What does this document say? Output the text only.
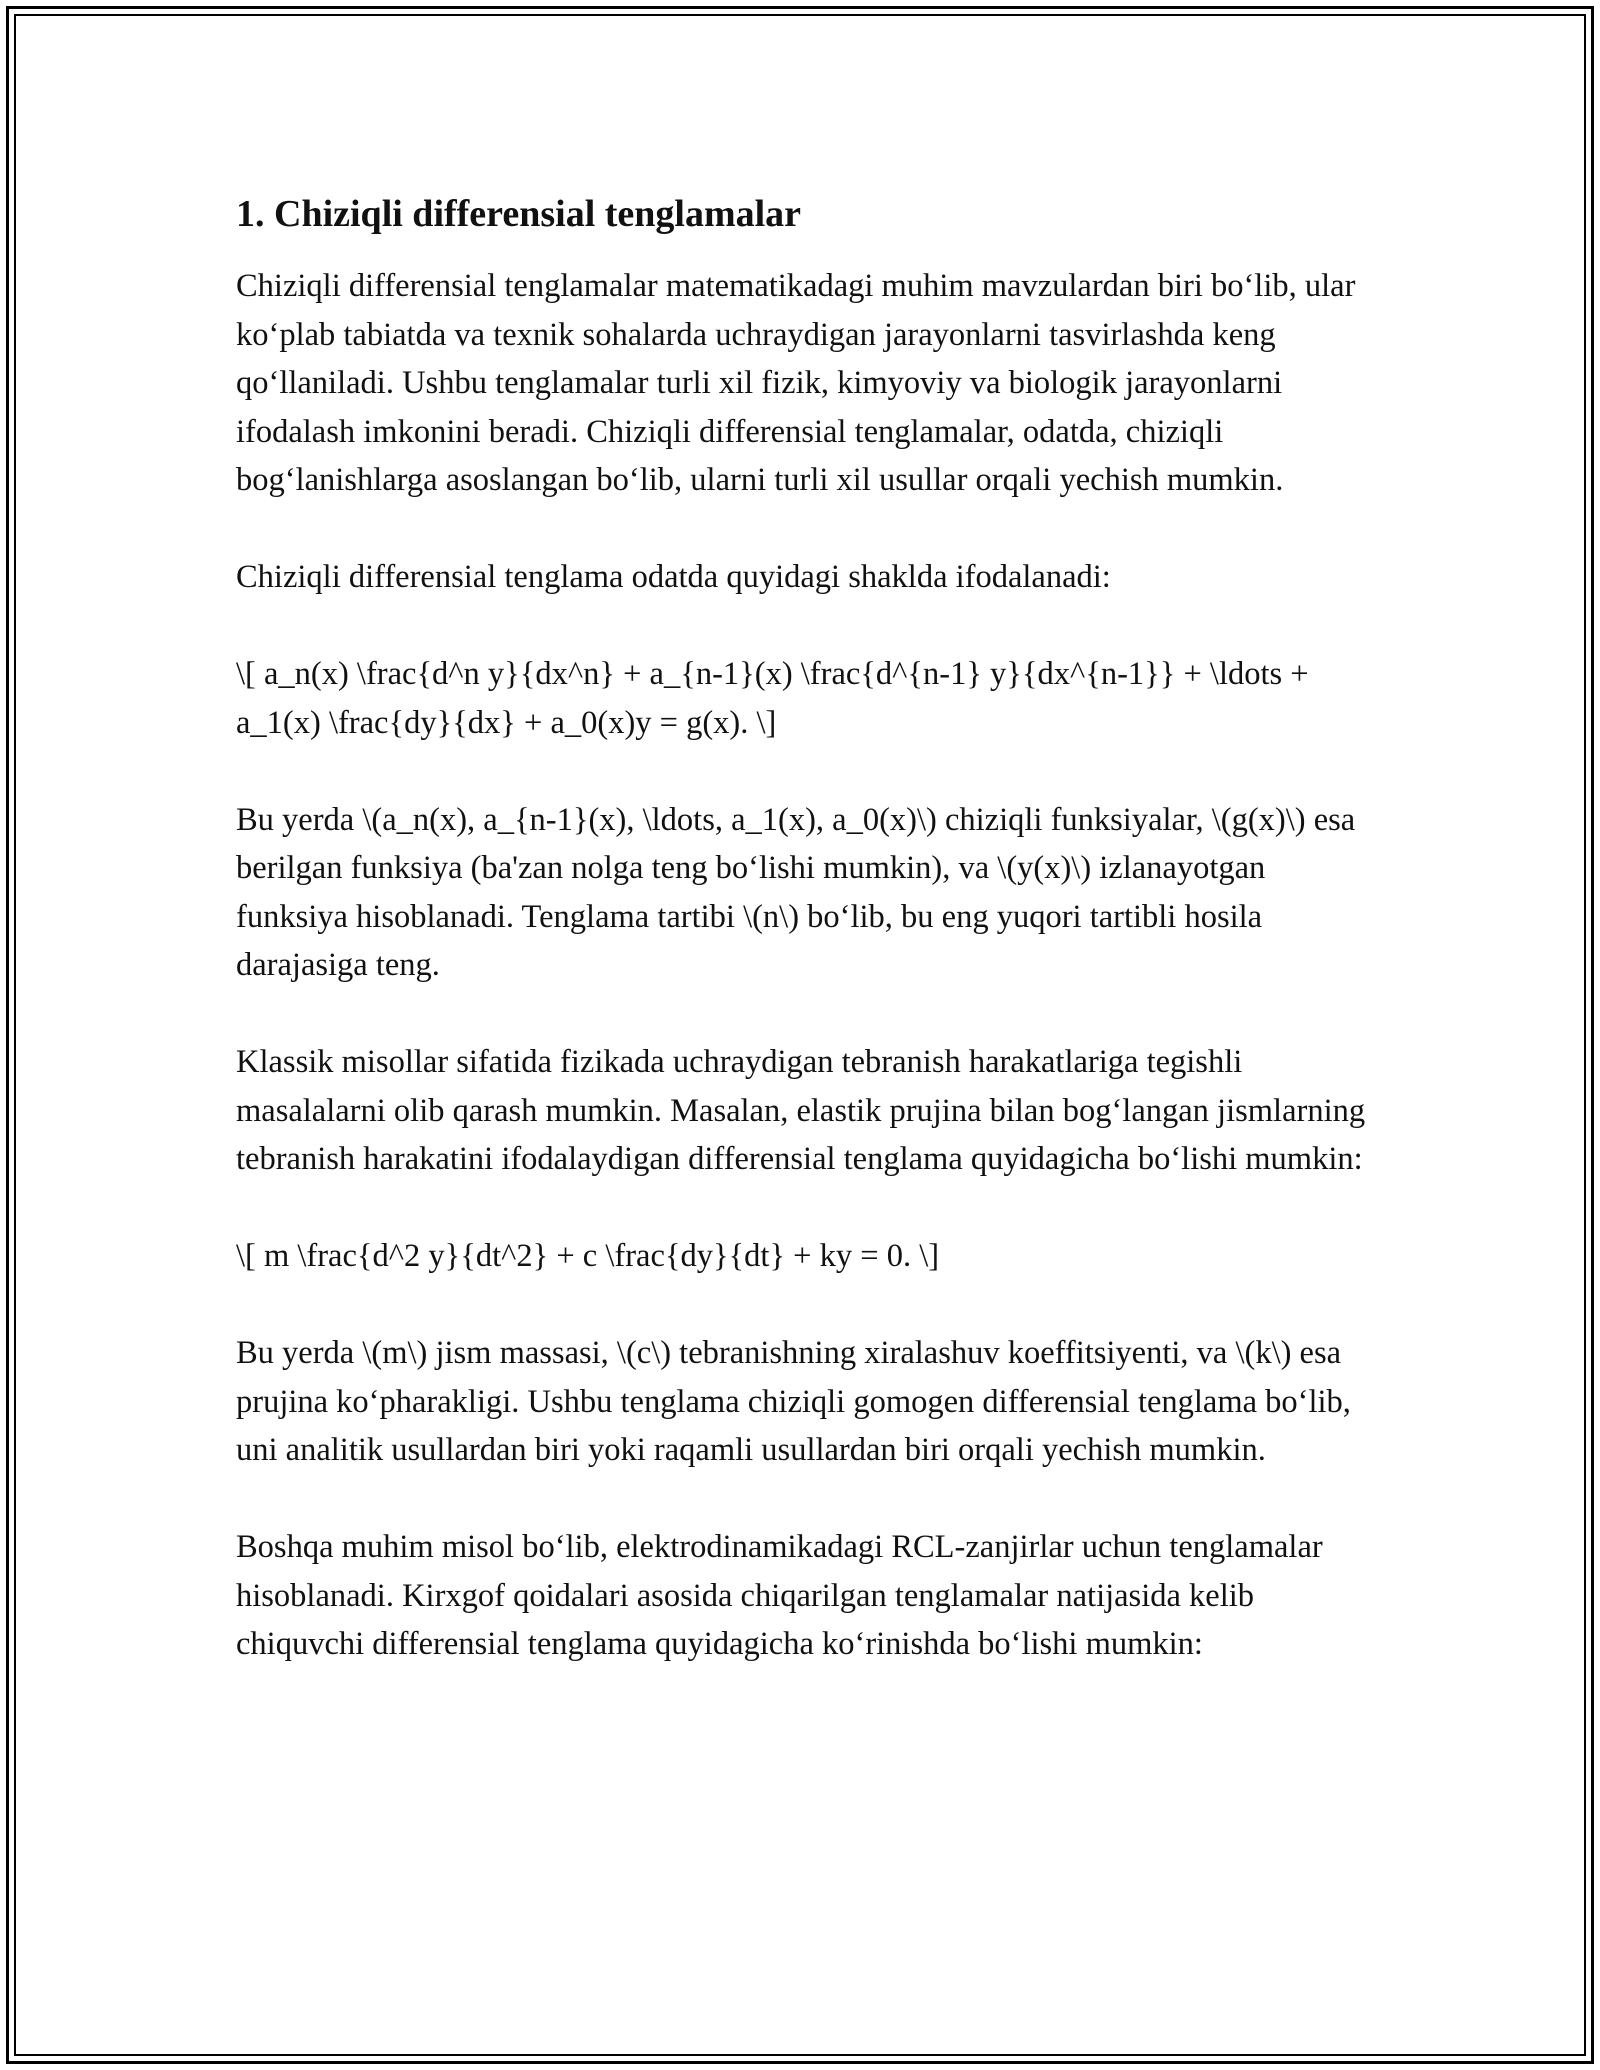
1. Chiziqli differensial tenglamalar

Chiziqli differensial tenglamalar matematikadagi muhim mavzulardan biri bo‘lib, ular ko‘plab tabiatda va texnik sohalarda uchraydigan jarayonlarni tasvirlashda keng qo‘llaniladi. Ushbu tenglamalar turli xil fizik, kimyoviy va biologik jarayonlarni ifodalash imkonini beradi. Chiziqli differensial tenglamalar, odatda, chiziqli bog‘lanishlarga asoslangan bo‘lib, ularni turli xil usullar orqali yechish mumkin.

Chiziqli differensial tenglama odatda quyidagi shaklda ifodalanadi:

\[ a_n(x) \frac{d^n y}{dx^n} + a_{n-1}(x) \frac{d^{n-1} y}{dx^{n-1}} + \ldots + a_1(x) \frac{dy}{dx} + a_0(x)y = g(x). \]

Bu yerda \(a_n(x), a_{n-1}(x), \ldots, a_1(x), a_0(x)\) chiziqli funksiyalar, \(g(x)\) esa berilgan funksiya (ba'zan nolga teng bo‘lishi mumkin), va \(y(x)\) izlanayotgan funksiya hisoblanadi. Tenglama tartibi \(n\) bo‘lib, bu eng yuqori tartibli hosila darajasiga teng.

Klassik misollar sifatida fizikada uchraydigan tebranish harakatlariga tegishli masalalarni olib qarash mumkin. Masalan, elastik prujina bilan bog‘langan jismlarning tebranish harakatini ifodalaydigan differensial tenglama quyidagicha bo‘lishi mumkin:

\[ m \frac{d^2 y}{dt^2} + c \frac{dy}{dt} + ky = 0. \]

Bu yerda \(m\) jism massasi, \(c\) tebranishning xiralashuv koeffitsiyenti, va \(k\) esa prujina ko‘pharakligi. Ushbu tenglama chiziqli gomogen differensial tenglama bo‘lib, uni analitik usullardan biri yoki raqamli usullardan biri orqali yechish mumkin.

Boshqa muhim misol bo‘lib, elektrodinamikadagi RCL-zanjirlar uchun tenglamalar hisoblanadi. Kirxgof qoidalari asosida chiqarilgan tenglamalar natijasida kelib chiquvchi differensial tenglama quyidagicha ko‘rinishda bo‘lishi mumkin:
